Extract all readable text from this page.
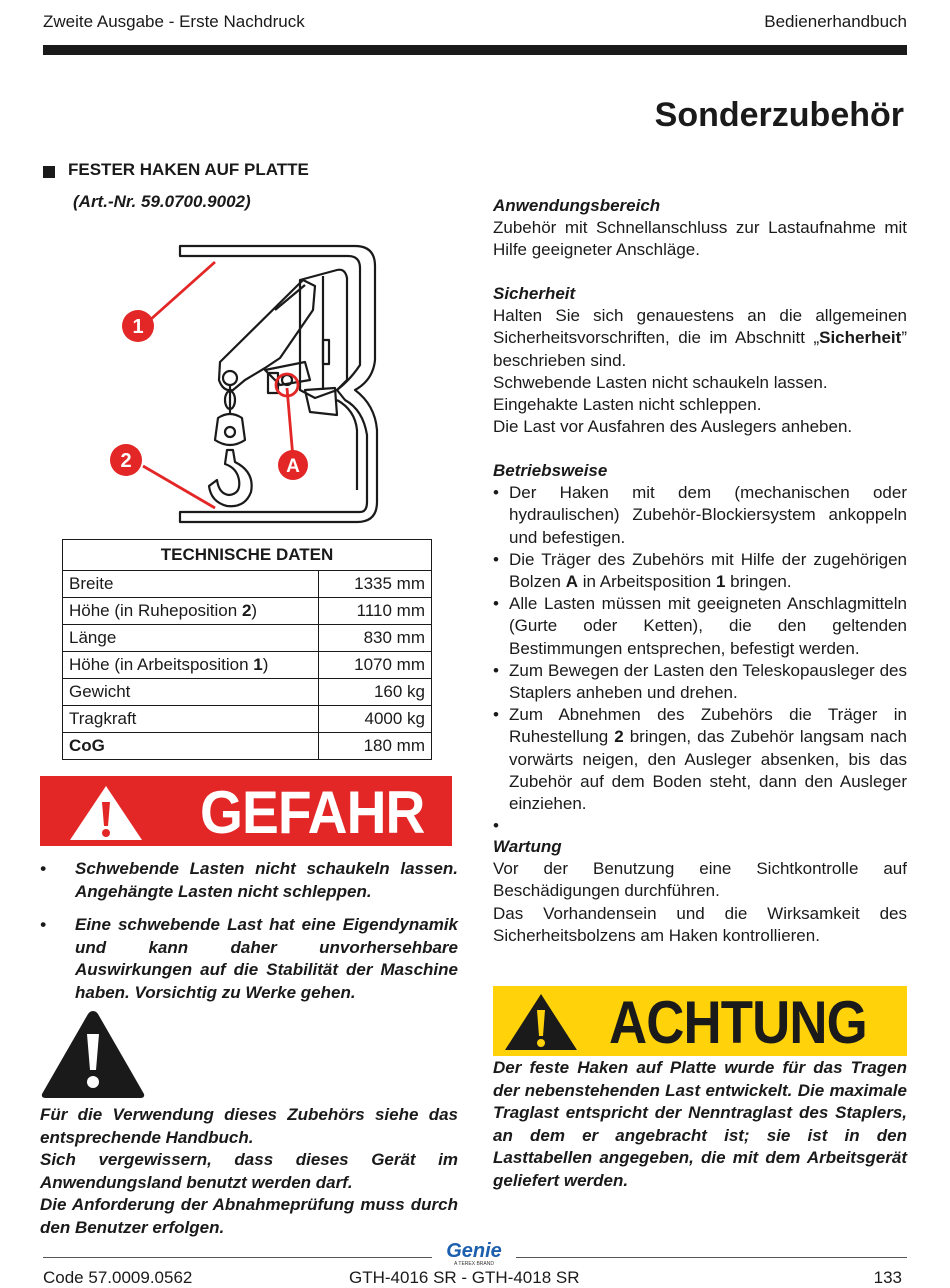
Zweite Ausgabe - Erste Nachdruck	Bedienerhandbuch
Sonderzubehör
FESTER HAKEN AUF PLATTE
(Art.-Nr. 59.0700.9002)
1
2	A
TECHNISCHE DATEN	
Breite	1335 mm
Höhe (in Ruheposition 2)	1110 mm
Länge	830 mm
Höhe (in Arbeitsposition 1)	1070 mm
Gewicht	160 kg
Tragkraft	4000 kg
CoG	180 mm
GEFAHR
• Schwebende Lasten nicht schaukeln lassen. Angehängte Lasten nicht schleppen.
• Eine schwebende Last hat eine Eigendynamik und kann daher unvorhersehbare Auswirkungen auf die Stabilität der Maschine haben. Vorsichtig zu Werke gehen.

Für die Verwendung dieses Zubehörs siehe das entsprechende Handbuch.

Sich vergewissern, dass dieses Gerät im Anwendungsland benutzt werden darf.

Die Anforderung der Abnahmeprüfung muss durch den Benutzer erfolgen.

Anwendungsbereich

Zubehör mit Schnellanschluss zur Lastaufnahme mit Hilfe geeigneter Anschläge.

Sicherheit

Halten Sie sich genauestens an die allgemeinen Sicherheitsvorschriften, die im Abschnitt „Sicherheit” beschrieben sind.

Schwebende Lasten nicht schaukeln lassen.

Eingehakte Lasten nicht schleppen.

Die Last vor Ausfahren des Auslegers anheben.

Betriebsweise

• Der Haken mit dem (mechanischen oder hydraulischen) Zubehör-Blockiersystem ankoppeln und befestigen.

• Die Träger des Zubehörs mit Hilfe der zugehörigen Bolzen A in Arbeitsposition 1 bringen.

• Alle Lasten müssen mit geeigneten Anschlagmitteln (Gurte oder Ketten), die den geltenden Bestimmungen entsprechen, befestigt werden.

• Zum Bewegen der Lasten den Teleskopausleger des Staplers anheben und drehen.

• Zum Abnehmen des Zubehörs die Träger in Ruhestellung 2 bringen, das Zubehör langsam nach vorwärts neigen, den Ausleger absenken, bis das Zubehör auf dem Boden steht, dann den Ausleger einziehen.

•

Wartung

Vor der Benutzung eine Sichtkontrolle auf Beschädigungen durchführen.

Das Vorhandensein und die Wirksamkeit des Sicherheitsbolzens am Haken kontrollieren.

ACHTUNG
Der feste Haken auf Platte wurde für das Tragen der nebenstehenden Last entwickelt. Die maximale Traglast entspricht der Nenntraglast des Staplers, an dem er angebracht ist; sie ist in den Lasttabellen angegeben, die mit dem Arbeitsgerät geliefert werden.
Genie
A TEREX BRAND
Code 57.0009.0562	GTH-4016 SR - GTH-4018 SR	133
